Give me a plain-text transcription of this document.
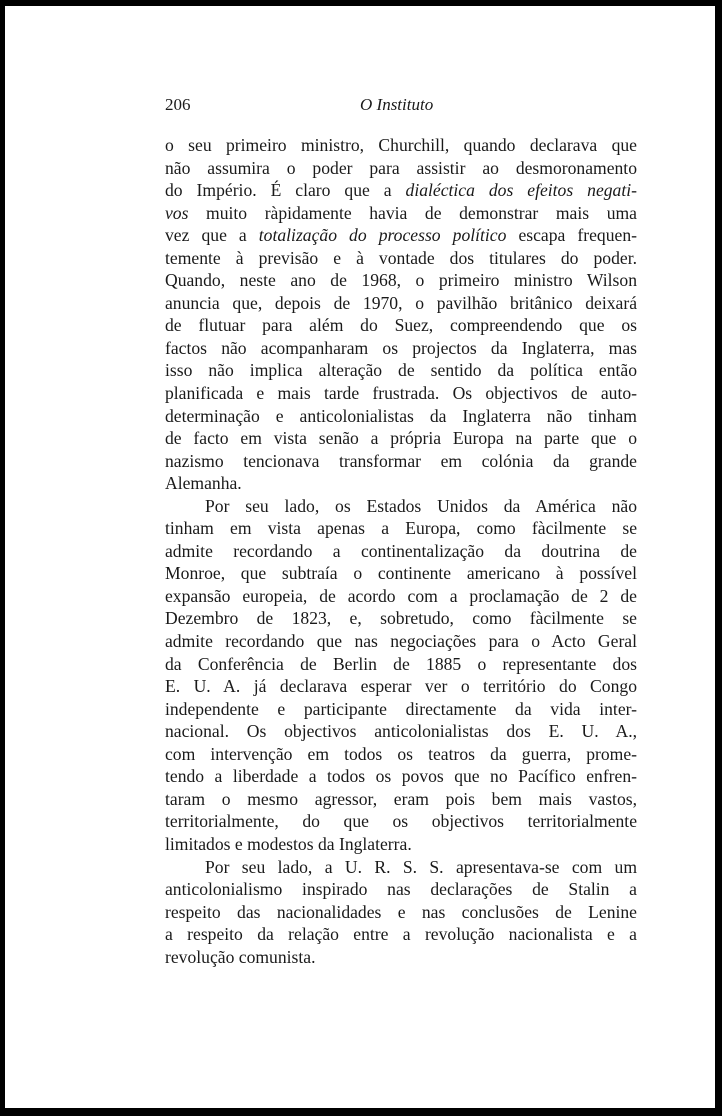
206	O Instituto
o seu primeiro ministro, Churchill, quando declarava que
não assumira o poder para assistir ao desmoronamento
do Império. É claro que a dialéctica dos efeitos negati-
vos muito ràpidamente havia de demonstrar mais uma
vez que a totalização do processo político escapa frequen-
temente à previsão e à vontade dos titulares do poder.
Quando, neste ano de 1968, o primeiro ministro Wilson
anuncia que, depois de 1970, o pavilhão britânico deixará
de flutuar para além do Suez, compreendendo que os
factos não acompanharam os projectos da Inglaterra, mas
isso não implica alteração de sentido da política então
planificada e mais tarde frustrada. Os objectivos de auto-
determinação e anticolonialistas da Inglaterra não tinham
de facto em vista senão a própria Europa na parte que o
nazismo tencionava transformar em colónia da grande
Alemanha.
Por seu lado, os Estados Unidos da América não
tinham em vista apenas a Europa, como fàcilmente se
admite recordando a continentalização da doutrina de
Monroe, que subtraía o continente americano à possível
expansão europeia, de acordo com a proclamação de 2 de
Dezembro de 1823, e, sobretudo, como fàcilmente se
admite recordando que nas negociações para o Acto Geral
da Conferência de Berlin de 1885 o representante dos
E. U. A. já declarava esperar ver o território do Congo
independente e participante directamente da vida inter-
nacional. Os objectivos anticolonialistas dos E. U. A.,
com intervenção em todos os teatros da guerra, prome-
tendo a liberdade a todos os povos que no Pacífico enfren-
taram o mesmo agressor, eram pois bem mais vastos,
territorialmente, do que os objectivos territorialmente
limitados e modestos da Inglaterra.
Por seu lado, a U. R. S. S. apresentava-se com um
anticolonialismo inspirado nas declarações de Stalin a
respeito das nacionalidades e nas conclusões de Lenine
a respeito da relação entre a revolução nacionalista e a
revolução comunista.
